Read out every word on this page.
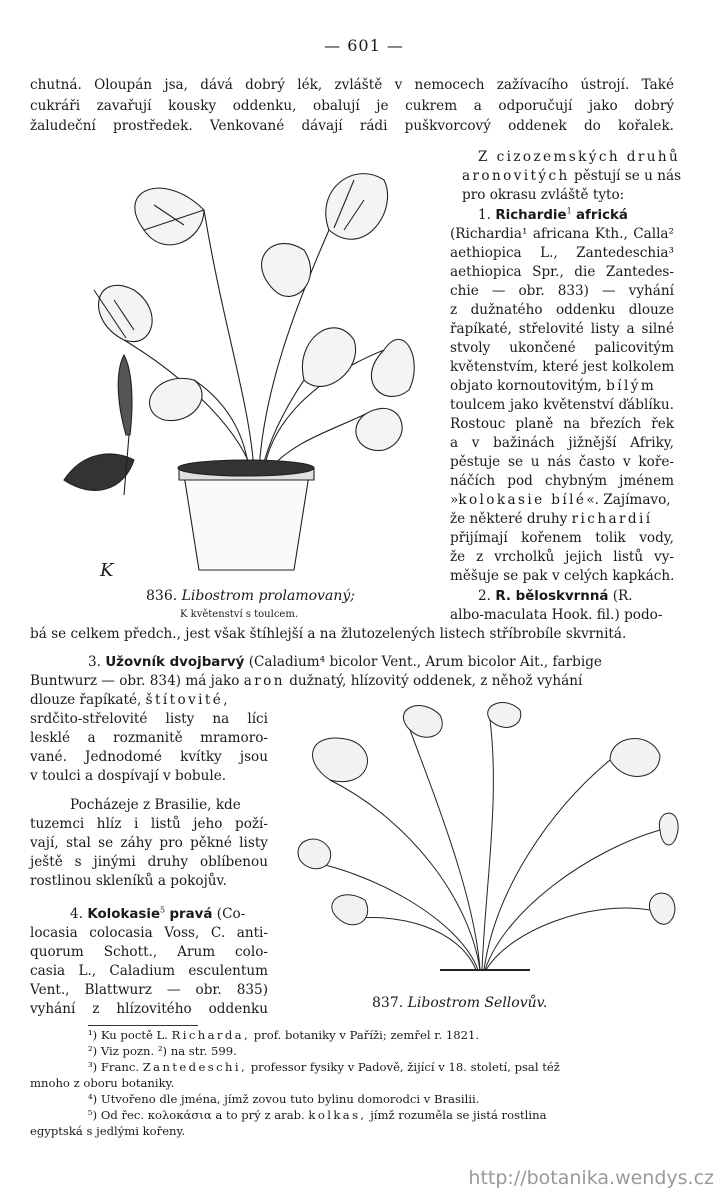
— 601 —
chutná. Oloupán jsa, dává dobrý lék, zvláště v nemocech zažívacího ústrojí. Také
cukráři zavařují kousky oddenku, obalují je cukrem a odporučují jako dobrý
žaludeční prostředek. Venkované dávají rádi puškvorcový oddenek do kořalek.
K
Z cizozemských druhů
aronovitých pěstují se u nás
pro okrasu zvláště tyto:
1. Richardie$^1$ africká
(Richardia¹ africana Kth., Calla²
aethiopica L., Zantedeschia³
aethiopica Spr., die Zantedes-
chie — obr. 833) — vyhání
z dužnatého oddenku dlouze
řapíkaté, střelovité listy a silné
stvoly ukončené palicovitým
květenstvím, které jest kolkolem
objato kornoutovitým, bílým
toulcem jako květenství ďáblíku.
Rostouc planě na březích řek
a v bažinách jižnější Afriky,
pěstuje se u nás často v kořе-
náčích pod chybným jménem
»kolokasie bílé«. Zajímavo,
že některé druhy richardií
přijímají kořenem tolik vody,
že z vrcholků jejich listů vy-
měšuje se pak v celých kapkách.
2. R. běloskvrnná (R.
albo-maculata Hook. fil.) podo-
bá se celkem předch., jest však štíhlejší a na žlutozelených listech stříbrobíle skvrnitá.
836. Libostrom prolamovaný;
K květenství s toulcem.
3. Užovník dvojbarvý (Caladium⁴ bicolor Vent., Arum bicolor Ait., farbige
Buntwurz — obr. 834) má jako aron dužnatý, hlízovitý oddenek, z něhož vyhání
dlouze řapíkaté, štítovité,
srdčito-střelovité listy na líci
lesklé a rozmanitě mramoro-
vané. Jednodomé kvítky jsou
v toulci a dospívají v bobule.
Pocházeje z Brasilie, kde
tuzemci hlíz i listů jeho poží-
vají, stal se záhy pro pěkné listy
ještě s jinými druhy oblíbenou
rostlinou skleníků a pokojův.
4. Kolokasie$^5$ pravá (Co-
locasia colocasia Voss, C. anti-
quorum Schott., Arum colo-
casia L., Caladium esculentum
Vent., Blattwurz — obr. 835)
vyhání z hlízovitého oddenku	837. Libostrom Sellovův.
¹) Ku poctě L. Richarda, prof. botaniky v Paříži; zemřel r. 1821.
²) Viz pozn. ²) na str. 599.
³) Franc. Zantedeschi, professor fysiky v Padově, žijící v 18. století, psal též
mnoho z oboru botaniky.
⁴) Utvořeno dle jména, jímž zovou tuto bylinu domorodci v Brasilii.
⁵) Od řec. κολοκάσια a to prý z arab. kolkas, jímž rozuměla se jistá rostlina
egyptská s jedlými kořeny.
http://botanika.wendys.cz
